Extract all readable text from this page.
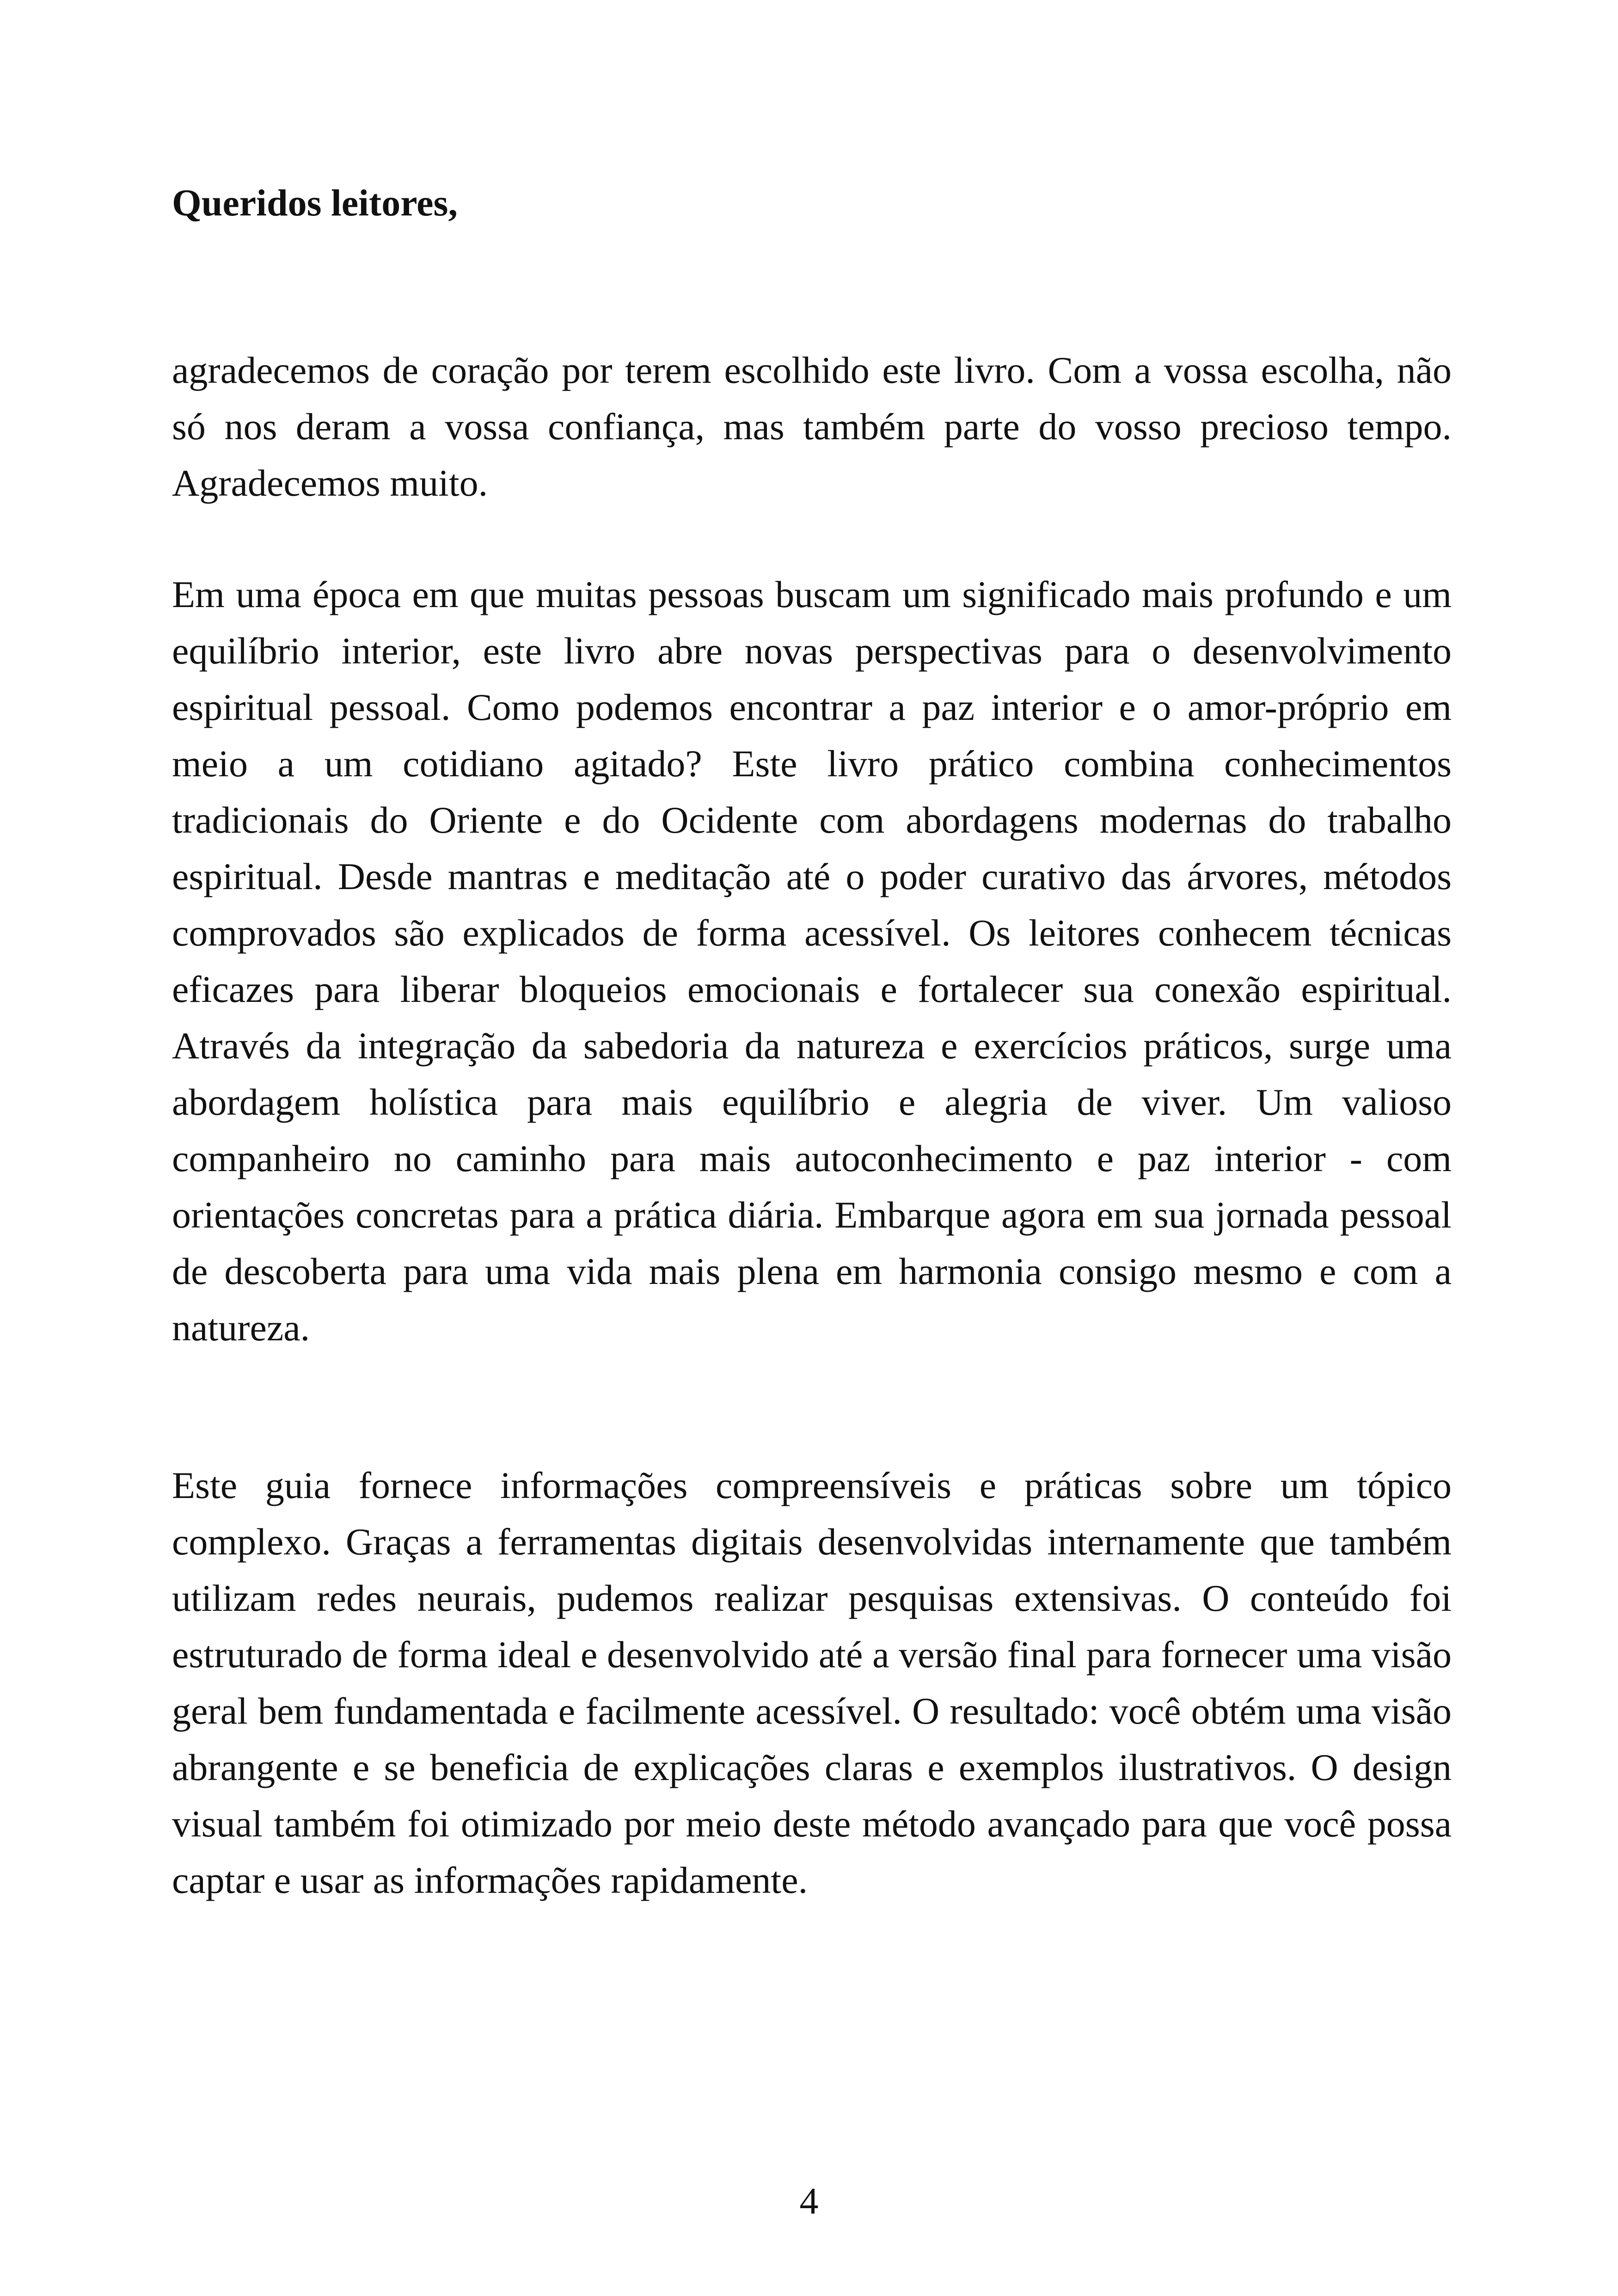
Queridos leitores,

agradecemos de coração por terem escolhido este livro. Com a vossa escolha, não só nos deram a vossa confiança, mas também parte do vosso precioso tempo. Agradecemos muito.

Em uma época em que muitas pessoas buscam um significado mais profundo e um equilíbrio interior, este livro abre novas perspectivas para o desenvolvimento espiritual pessoal. Como podemos encontrar a paz interior e o amor-próprio em meio a um cotidiano agitado? Este livro prático combina conhecimentos tradicionais do Oriente e do Ocidente com abordagens modernas do trabalho espiritual. Desde mantras e meditação até o poder curativo das árvores, métodos comprovados são explicados de forma acessível. Os leitores conhecem técnicas eficazes para liberar bloqueios emocionais e fortalecer sua conexão espiritual. Através da integração da sabedoria da natureza e exercícios práticos, surge uma abordagem holística para mais equilíbrio e alegria de viver. Um valioso companheiro no caminho para mais autoconhecimento e paz interior - com orientações concretas para a prática diária. Embarque agora em sua jornada pessoal de descoberta para uma vida mais plena em harmonia consigo mesmo e com a natureza.

Este guia fornece informações compreensíveis e práticas sobre um tópico complexo. Graças a ferramentas digitais desenvolvidas internamente que também utilizam redes neurais, pudemos realizar pesquisas extensivas. O conteúdo foi estruturado de forma ideal e desenvolvido até a versão final para fornecer uma visão geral bem fundamentada e facilmente acessível. O resultado: você obtém uma visão abrangente e se beneficia de explicações claras e exemplos ilustrativos. O design visual também foi otimizado por meio deste método avançado para que você possa captar e usar as informações rapidamente.

4
